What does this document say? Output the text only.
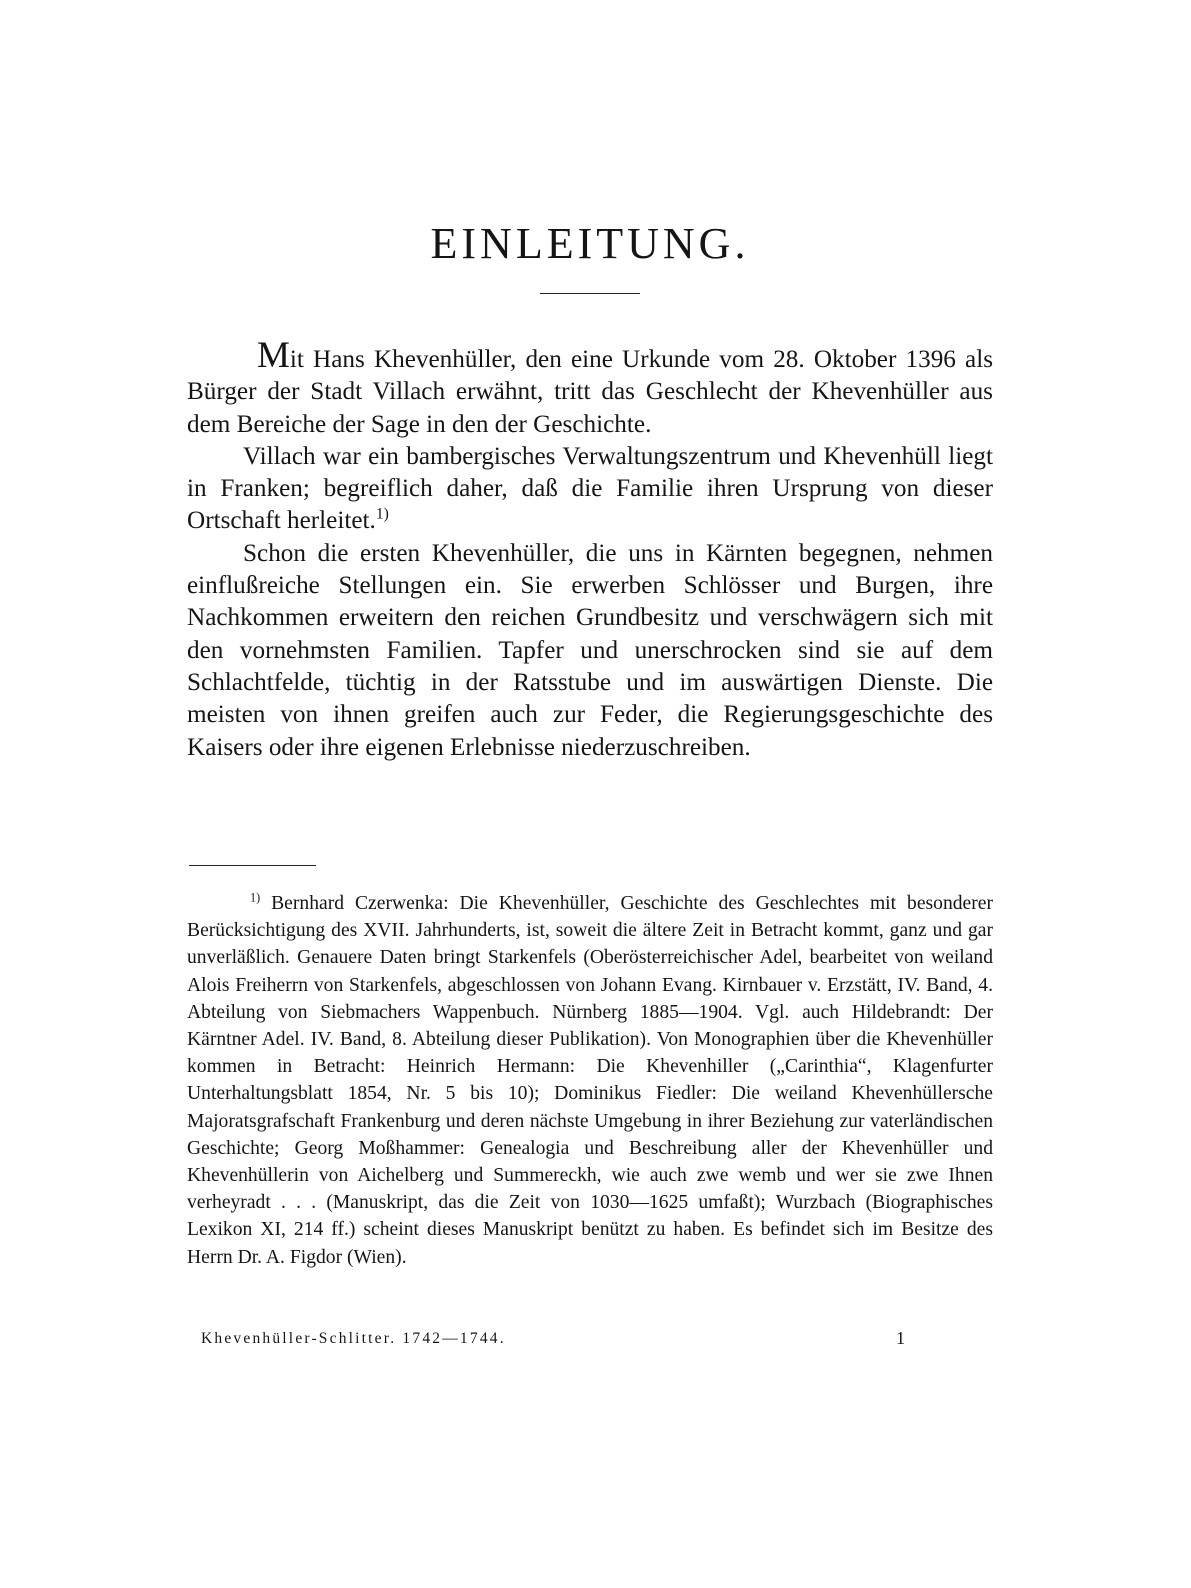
EINLEITUNG.

Mit Hans Khevenhüller, den eine Urkunde vom 28. Oktober 1396 als Bürger der Stadt Villach erwähnt, tritt das Geschlecht der Khevenhüller aus dem Bereiche der Sage in den der Geschichte.

Villach war ein bambergisches Verwaltungszentrum und Khevenhüll liegt in Franken; begreiflich daher, daß die Familie ihren Ursprung von dieser Ortschaft herleitet.$^{1)}$

Schon die ersten Khevenhüller, die uns in Kärnten begegnen, nehmen einflußreiche Stellungen ein. Sie erwerben Schlösser und Burgen, ihre Nachkommen erweitern den reichen Grundbesitz und verschwägern sich mit den vornehmsten Familien. Tapfer und unerschrocken sind sie auf dem Schlachtfelde, tüchtig in der Ratsstube und im auswärtigen Dienste. Die meisten von ihnen greifen auch zur Feder, die Regierungsgeschichte des Kaisers oder ihre eigenen Erlebnisse niederzuschreiben.

$^{1)}$ Bernhard Czerwenka: Die Khevenhüller, Geschichte des Geschlechtes mit besonderer Berücksichtigung des XVII. Jahrhunderts, ist, soweit die ältere Zeit in Betracht kommt, ganz und gar unverläßlich. Genauere Daten bringt Starkenfels (Oberösterreichischer Adel, bearbeitet von weiland Alois Freiherrn von Starkenfels, abgeschlossen von Johann Evang. Kirnbauer v. Erzstätt, IV. Band, 4. Abteilung von Siebmachers Wappenbuch. Nürnberg 1885—1904. Vgl. auch Hildebrandt: Der Kärntner Adel. IV. Band, 8. Abteilung dieser Publikation). Von Monographien über die Khevenhüller kommen in Betracht: Heinrich Hermann: Die Khevenhiller („Carinthia“, Klagenfurter Unterhaltungsblatt 1854, Nr. 5 bis 10); Dominikus Fiedler: Die weiland Khevenhüllersche Majoratsgrafschaft Frankenburg und deren nächste Umgebung in ihrer Beziehung zur vaterländischen Geschichte; Georg Moßhammer: Genealogia und Beschreibung aller der Khevenhüller und Khevenhüllerin von Aichelberg und Summereckh, wie auch zwe wemb und wer sie zwe Ihnen verheyradt . . . (Manuskript, das die Zeit von 1030—1625 umfaßt); Wurzbach (Biographisches Lexikon XI, 214 ff.) scheint dieses Manuskript benützt zu haben. Es befindet sich im Besitze des Herrn Dr. A. Figdor (Wien).

Khevenhüller-Schlitter. 1742—1744.	1
